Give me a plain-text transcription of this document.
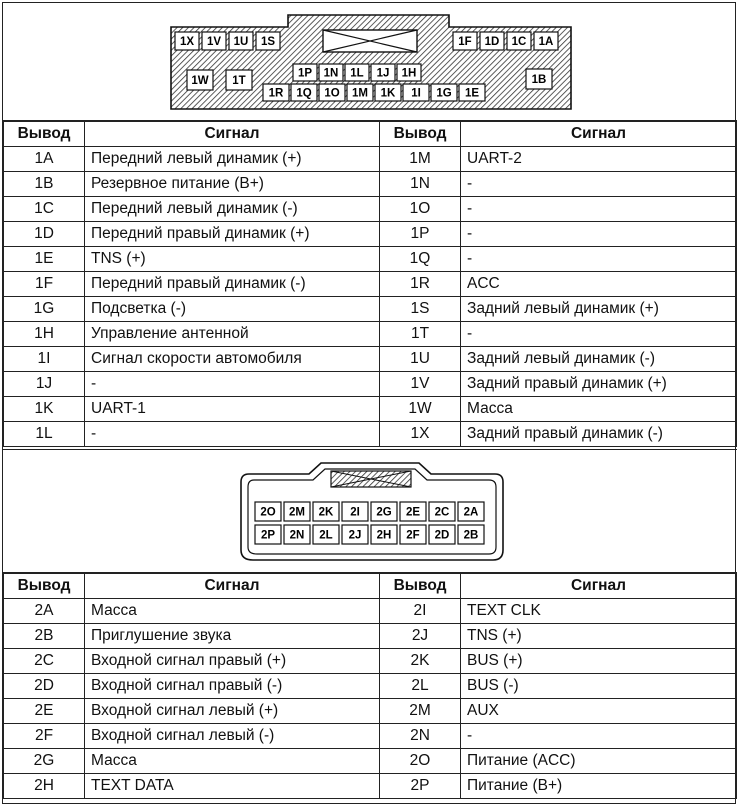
1X 1V 1U 1S	1F 1D 1C 1A
1P 1N 1L 1J 1H
1R 1Q 1O 1M 1K 1I 1G 1E
1W 1T	1B
Вывод	Сигнал	Вывод	Сигнал
1A	Передний левый динамик (+)	1M	UART-2
1B	Резервное питание (B+)	1N	-
1C	Передний левый динамик (-)	1O	-
1D	Передний правый динамик (+)	1P	-
1E	TNS (+)	1Q	-
1F	Передний правый динамик (-)	1R	ACC
1G	Подсветка (-)	1S	Задний левый динамик (+)
1H	Управление антенной	1T	-
1I	Сигнал скорости автомобиля	1U	Задний левый динамик (-)
1J	-	1V	Задний правый динамик (+)
1K	UART-1	1W	Масса
1L	-	1X	Задний правый динамик (-)
2O 2M 2K 2I 2G 2E 2C 2A
2P 2N 2L 2J 2H 2F 2D 2B
Вывод	Сигнал	Вывод	Сигнал
2A	Масса	2I	TEXT CLK
2B	Приглушение звука	2J	TNS (+)
2C	Входной сигнал правый (+)	2K	BUS (+)
2D	Входной сигнал правый (-)	2L	BUS (-)
2E	Входной сигнал левый (+)	2M	AUX
2F	Входной сигнал левый (-)	2N	-
2G	Масса	2O	Питание (ACC)
2H	TEXT DATA	2P	Питание (B+)
